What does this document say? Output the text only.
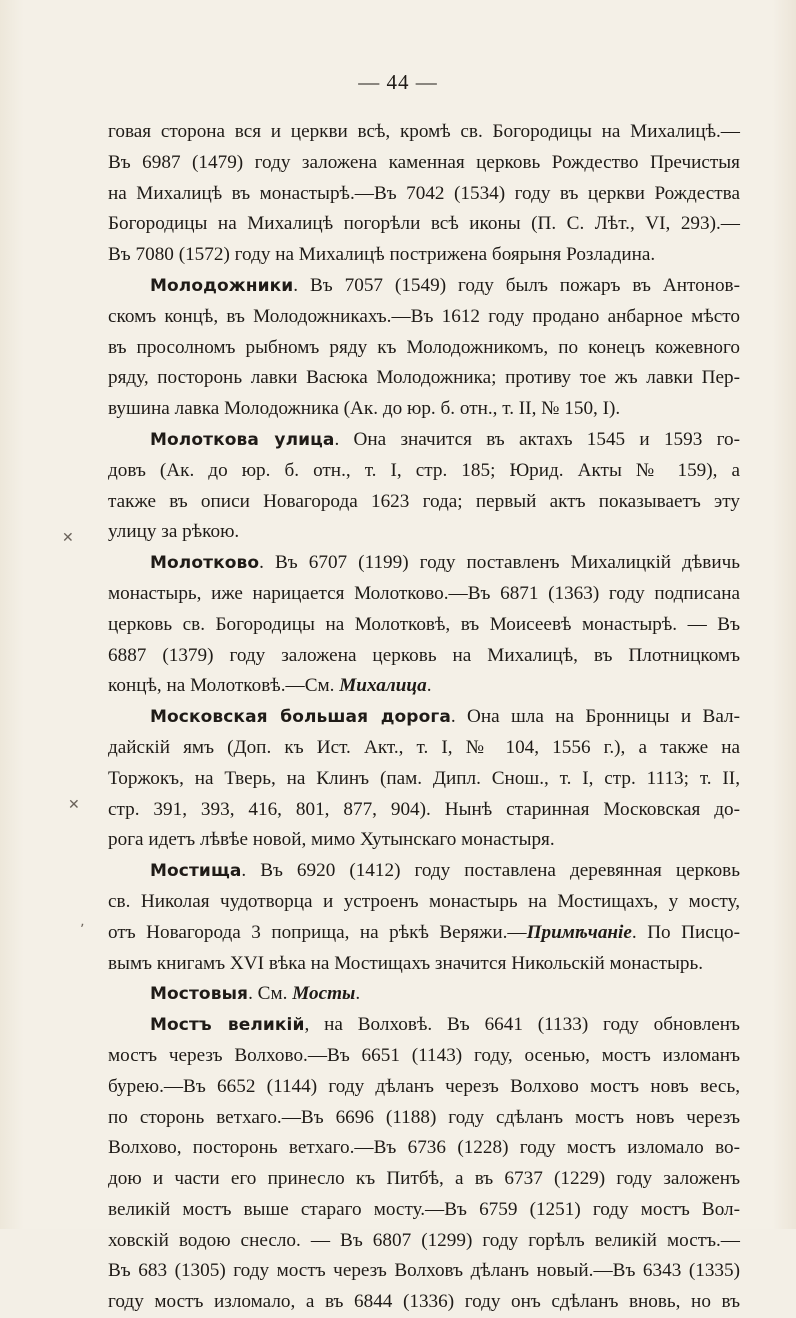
— 44 —
✕
✕
ʼ
говая сторона вся и церкви всѣ, кромѣ св. Богородицы на Михалицѣ.—
Въ 6987 (1479) году заложена каменная церковь Рождество Пречистыя
на Михалицѣ въ монастырѣ.—Въ 7042 (1534) году въ церкви Рождества
Богородицы на Михалицѣ погорѣли всѣ иконы (П. С. Лѣт., VI, 293).—
Въ 7080 (1572) году на Михалицѣ пострижена боярыня Розладина.
Молодожники. Въ 7057 (1549) году былъ пожаръ въ Антонов-
скомъ концѣ, въ Молодожникахъ.—Въ 1612 году продано анбарное мѣсто
въ просолномъ рыбномъ ряду къ Молодожникомъ, по конецъ кожевного
ряду, посторонь лавки Васюка Молодожника; противу тое жъ лавки Пер-
вушина лавка Молодожника (Ак. до юр. б. отн., т. II, № 150, I).
Молоткова улица. Она значится въ актахъ 1545 и 1593 го-
довъ (Ак. до юр. б. отн., т. I, стр. 185; Юрид. Акты № 159), а
также въ описи Новагорода 1623 года; первый актъ показываетъ эту
улицу за рѣкою.
Молотково. Въ 6707 (1199) году поставленъ Михалицкій дѣвичь
монастырь, иже нарицается Молотково.—Въ 6871 (1363) году подписана
церковь св. Богородицы на Молотковѣ, въ Моисеевѣ монастырѣ. — Въ
6887 (1379) году заложена церковь на Михалицѣ, въ Плотницкомъ
концѣ, на Молотковѣ.—См. Михалица.
Московская большая дорога. Она шла на Бронницы и Вал-
дайскій ямъ (Доп. къ Ист. Акт., т. I, № 104, 1556 г.), а также на
Торжокъ, на Тверь, на Клинъ (пам. Дипл. Снош., т. I, стр. 1113; т. II,
стр. 391, 393, 416, 801, 877, 904). Нынѣ старинная Московская до-
рога идетъ лѣвѣе новой, мимо Хутынскаго монастыря.
Мостища. Въ 6920 (1412) году поставлена деревянная церковь
св. Николая чудотворца и устроенъ монастырь на Мостищахъ, у мосту,
отъ Новагорода 3 поприща, на рѣкѣ Веряжи.—Примѣчаніе. По Писцо-
вымъ книгамъ XVI вѣка на Мостищахъ значится Никольскій монастырь.
Мостовыя. См. Мосты.
Мостъ великій, на Волховѣ. Въ 6641 (1133) году обновленъ
мостъ черезъ Волхово.—Въ 6651 (1143) году, осенью, мостъ изломанъ
бурею.—Въ 6652 (1144) году дѣланъ черезъ Волхово мостъ новъ весь,
по сторонь ветхаго.—Въ 6696 (1188) году сдѣланъ мостъ новъ черезъ
Волхово, посторонь ветхаго.—Въ 6736 (1228) году мостъ изломало во-
дою и части его принесло къ Питбѣ, а въ 6737 (1229) году заложенъ
великій мостъ выше стараго мосту.—Въ 6759 (1251) году мостъ Вол-
ховскій водою снесло. — Въ 6807 (1299) году горѣлъ великій мостъ.—
Въ 683 (1305) году мостъ черезъ Волховъ дѣланъ новый.—Въ 6343 (1335)
году мостъ изломало, а въ 6844 (1336) году онъ сдѣланъ вновь, но въ
